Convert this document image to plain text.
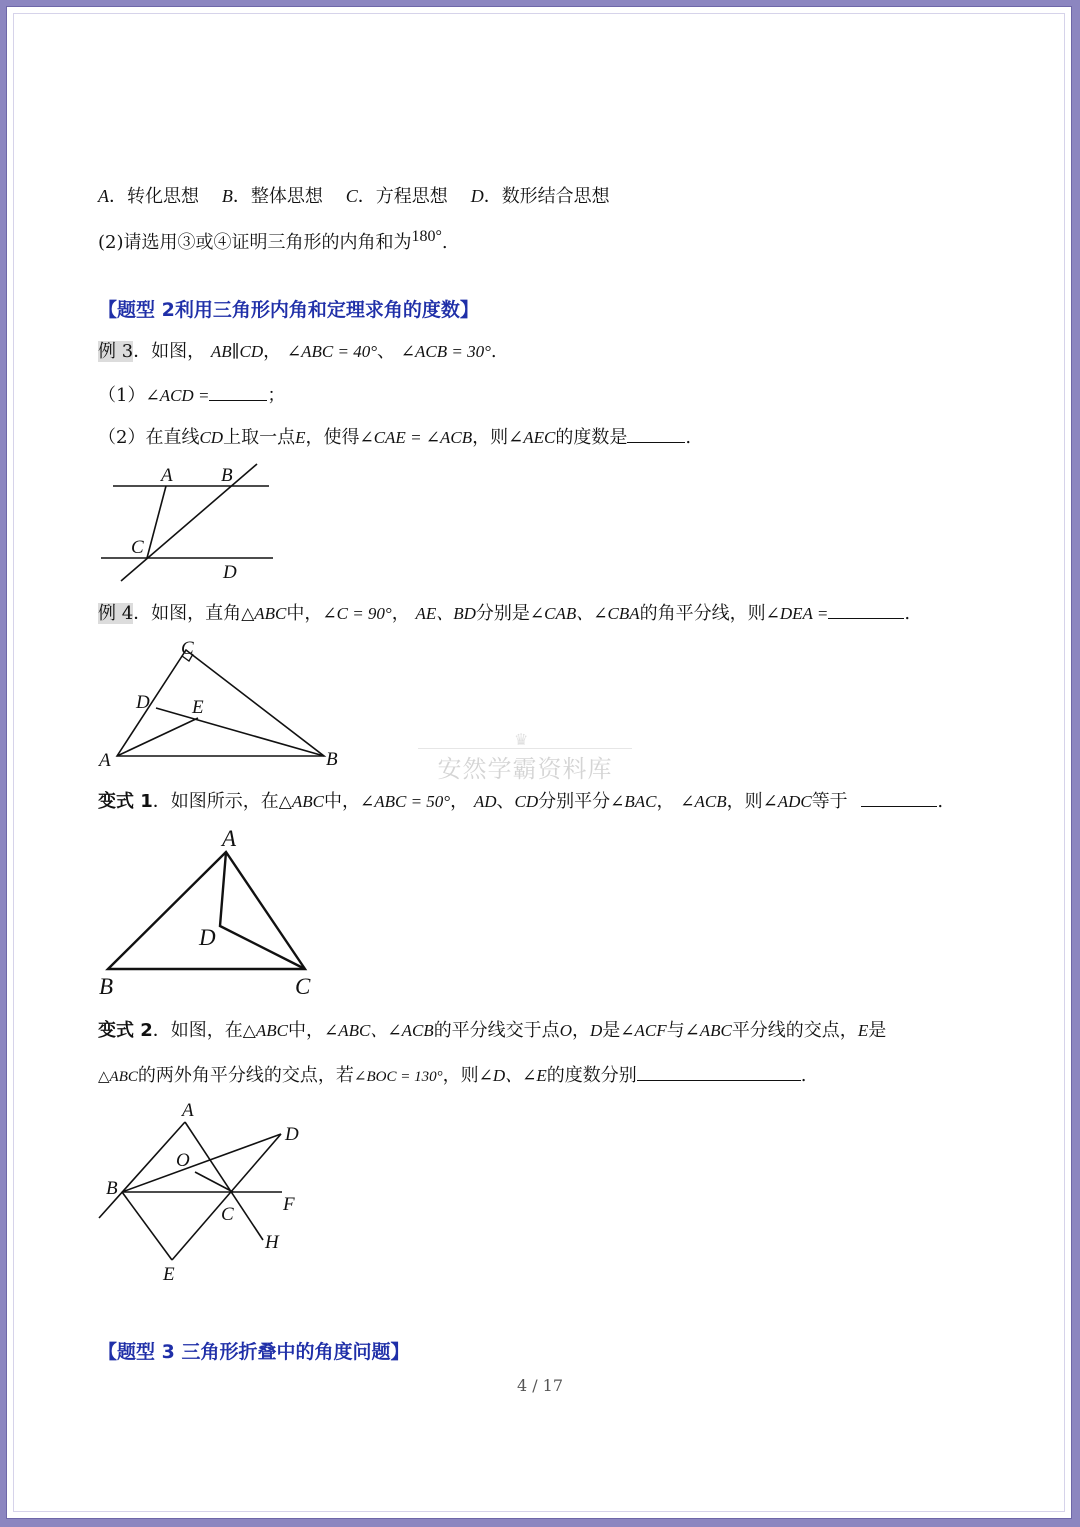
A．转化思想 B．整体思想 C．方程思想 D．数形结合思想
(2)请选用③或④证明三角形的内角和为$^{180^\circ}$.
【题型 2利用三角形内角和定理求角的度数】
例 3．如图， AB∥CD， ∠ABC = 40°、 ∠ACB = 30°.
（1）∠ACD =	；
（2）在直线CD上取一点E，使得∠CAE = ∠ACB，则∠AEC的度数是	.
A	B
C
D
例 4．如图，直角△ABC中，∠C = 90°， AE、BD分别是∠CAB、∠CBA的角平分线，则∠DEA =	.
C
D E
A	B
♛
安然学霸资料库
变式 1．如图所示，在△ABC中，∠ABC = 50°， AD、CD分别平分∠BAC， ∠ACB，则∠ADC等于	.
A
D
B	C
变式 2．如图，在△ABC中，∠ABC、∠ACB的平分线交于点O，D是∠ACF与∠ABC平分线的交点，E是
△ABC的两外角平分线的交点，若∠BOC = 130°，则∠D、∠E的度数分别	.
A
D
O
B
F
C
H
E
【题型 3 三角形折叠中的角度问题】
4 / 17
